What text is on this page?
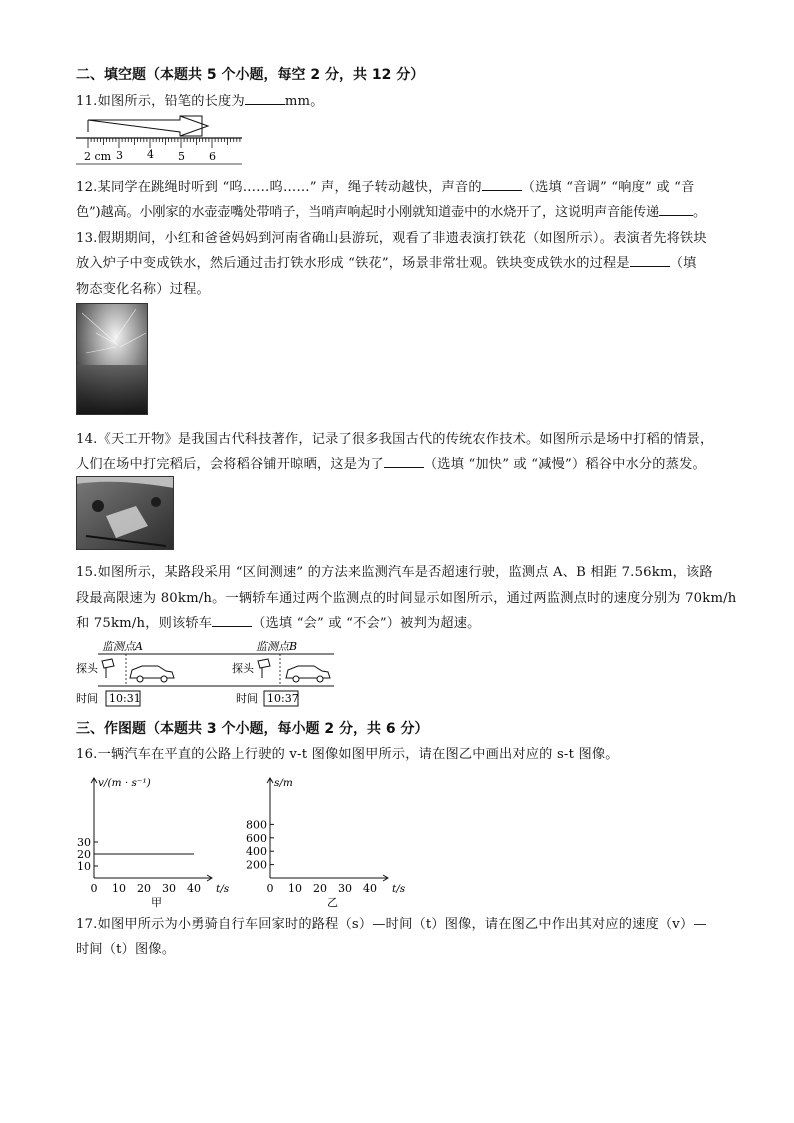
二、填空题（本题共 5 个小题，每空 2 分，共 12 分）
11.如图所示，铅笔的长度为	mm。
2 cm 3 4 5 6
12.某同学在跳绳时听到 “呜……呜……” 声，绳子转动越快，声音的	（选填 “音调” “响度” 或 “音
色”)越高。小刚家的水壶壶嘴处带哨子，当哨声响起时小刚就知道壶中的水烧开了，这说明声音能传递	。
13.假期期间，小红和爸爸妈妈到河南省确山县游玩，观看了非遗表演打铁花（如图所示）。表演者先将铁块
放入炉子中变成铁水，然后通过击打铁水形成 “铁花”，场景非常壮观。铁块变成铁水的过程是	（填
物态变化名称）过程。
14.《天工开物》是我国古代科技著作，记录了很多我国古代的传统农作技术。如图所示是场中打稻的情景，
人们在场中打完稻后，会将稻谷铺开晾晒，这是为了	（选填 “加快” 或 “减慢”）稻谷中水分的蒸发。
15.如图所示，某路段采用 “区间测速” 的方法来监测汽车是否超速行驶，监测点 A、B 相距 7.56km，该路
段最高限速为 80km/h。一辆轿车通过两个监测点的时间显示如图所示，通过两监测点时的速度分别为 70km/h
和 75km/h，则该轿车	（选填 “会” 或 “不会”）被判为超速。
监测点A	监测点B
探头	探头
时间 10:31	时间 10:37
三、作图题（本题共 3 个小题，每小题 2 分，共 6 分）
16.一辆汽车在平直的公路上行驶的 v-t 图像如图甲所示，请在图乙中画出对应的 s-t 图像。
0 10 20 30 40
10
20
30
v/(m · s⁻¹)
t/s
甲
0 10 20 30 40
200
400
600
800
s/m
t/s
乙
17.如图甲所示为小勇骑自行车回家时的路程（s）—时间（t）图像，请在图乙中作出其对应的速度（v）—
时间（t）图像。
